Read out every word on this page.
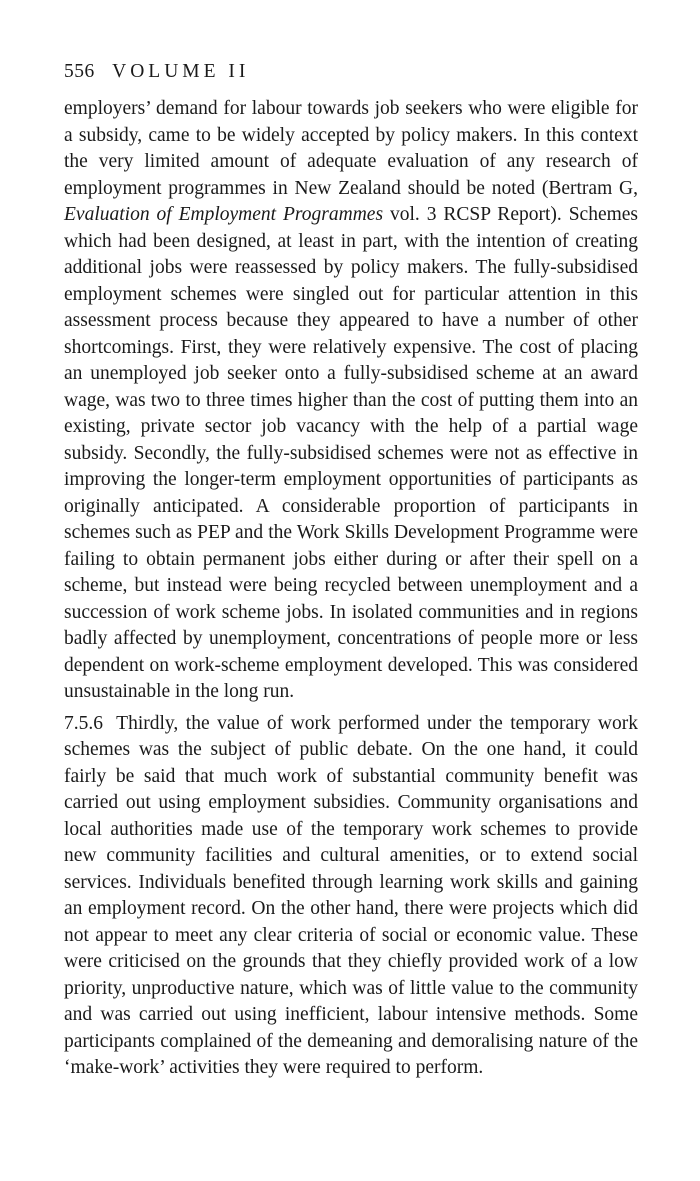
556 VOLUME II

employers’ demand for labour towards job seekers who were eligible for a subsidy, came to be widely accepted by policy makers. In this context the very limited amount of adequate evaluation of any research of employment programmes in New Zealand should be noted (Bertram G, Evaluation of Employment Programmes vol. 3 RCSP Report). Schemes which had been designed, at least in part, with the intention of creating additional jobs were reassessed by policy makers. The fully-subsidised employment schemes were singled out for particular attention in this assessment process because they appeared to have a number of other shortcomings. First, they were relatively expensive. The cost of placing an unemployed job seeker onto a fully-subsidised scheme at an award wage, was two to three times higher than the cost of putting them into an existing, private sector job vacancy with the help of a partial wage subsidy. Secondly, the fully-subsidised schemes were not as effective in improving the longer-term employment opportunities of participants as originally anticipated. A considerable proportion of participants in schemes such as PEP and the Work Skills Development Programme were failing to obtain permanent jobs either during or after their spell on a scheme, but instead were being recycled between unemployment and a succession of work scheme jobs. In isolated communities and in regions badly affected by unemployment, concentrations of people more or less dependent on work-scheme employment developed. This was considered unsustainable in the long run.

7.5.6 Thirdly, the value of work performed under the temporary work schemes was the subject of public debate. On the one hand, it could fairly be said that much work of substantial community benefit was carried out using employment subsidies. Community organisations and local authorities made use of the temporary work schemes to provide new community facilities and cultural amenities, or to extend social services. Individuals benefited through learning work skills and gaining an employment record. On the other hand, there were projects which did not appear to meet any clear criteria of social or economic value. These were criticised on the grounds that they chiefly provided work of a low priority, unproductive nature, which was of little value to the community and was carried out using inefficient, labour intensive methods. Some participants complained of the demeaning and demoralising nature of the ‘make-work’ activities they were required to perform.
